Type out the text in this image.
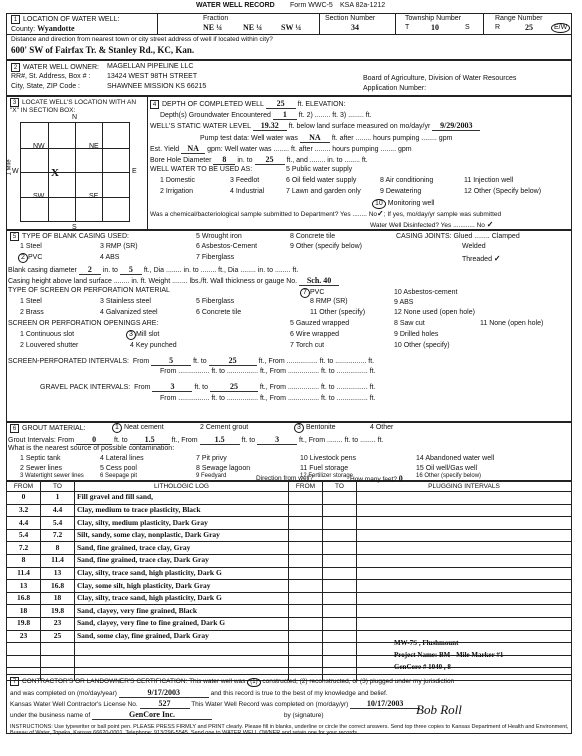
WATER WELL RECORD Form WWC-5 KSA 82a-1212
1 LOCATION OF WATER WELL:	Fraction	Section Number	Township Number	Range Number
County: Wyandotte	NE ¼	NE ¼ SW ¼	34	T	10	S	R	25	E/W
Distance and direction from nearest town or city street address of well if located within city?
600' SW of Fairfax Tr. & Stanley Rd., KC, Kan.
2 WATER WELL OWNER: MAGELLAN PIPELINE LLC
RR#, St. Address, Box # : 13424 WEST 98TH STREET
City, State, ZIP Code :	SHAWNEE MISSION KS 66215
Board of Agriculture, Division of Water Resources
Application Number:
3 LOCATE WELL'S LOCATION WITH AN "X" IN SECTION BOX:
N
S
E
W
1 Mile
NW	NE
SW	SE
X
4 DEPTH OF COMPLETED WELL 25 ft. ELEVATION:
Depth(s) Groundwater Encountered 1 ft. 2) ........ ft. 3) ........ ft.
WELL'S STATIC WATER LEVEL 19.32 ft. below land surface measured on mo/day/yr 9/29/2003
Pump test data: Well water was NA ft. after ........ hours pumping ........ gpm
Est. Yield NA gpm: Well water was ........ ft. after ........ hours pumping ........ gpm
Bore Hole Diameter 8 in. to 25 ft., and ........ in. to ........ ft.
WELL WATER TO BE USED AS:	5 Public water supply
1 Domestic	3 Feedlot	6 Oil field water supply	8 Air conditioning	11 Injection well
2 Irrigation	4 Industrial	7 Lawn and garden only	9 Dewatering	12 Other (Specify below)
10 Monitoring well
Was a chemical/bacteriological sample submitted to Department? Yes ........ No✓; If yes, mo/day/yr sample was submitted
Water Well Disinfected? Yes ............ No ✓
5 TYPE OF BLANK CASING USED:
1 Steel	3 RMP (SR)
5 Wrought iron	8 Concrete tile
6 Asbestos-Cement	9 Other (specify below)
4 ABS	7 Fiberglass
2 PVC
CASING JOINTS: Glued ........ Clamped
Welded
Threaded ✓
Blank casing diameter 2 in. to 5 ft., Dia ........ in. to ........ ft., Dia ........ in. to ........ ft.
Casing height above land surface ........ in. ft. Weight ........ lbs./ft. Wall thickness or gauge No. Sch. 40
TYPE OF SCREEN OR PERFORATION MATERIAL
1 Steel	3 Stainless steel	5 Fiberglass	8 RMP (SR)
10 Asbestos-cement
9 ABS
2 Brass	4 Galvanized steel	6 Concrete tile	11 Other (specify)	12 None used (open hole)
7 PVC
SCREEN OR PERFORATION OPENINGS ARE:
1 Continuous slot	3 Mill slot
5 Gauzed wrapped	8 Saw cut	11 None (open hole)
2 Louvered shutter	4 Key punched
6 Wire wrapped	9 Drilled holes
7 Torch cut	10 Other (specify)
SCREEN-PERFORATED INTERVALS:  From 5	ft. to	25	ft., From ................ ft. to ................ ft.
From ................ ft. to ................ ft., From ................ ft. to ................ ft.
GRAVEL PACK INTERVALS:  From 3	ft. to	25	ft., From ................ ft. to ................ ft.
From ................ ft. to ................ ft., From ................ ft. to ................ ft.
6 GROUT MATERIAL:	1 Neat cement	2 Cement grout	3 Bentonite	4 Other
Grout Intervals: From 0 ft. to 1.5 ft., From 1.5 ft. to 3	ft., From ........ ft. to ........ ft.
What is the nearest source of possible contamination:
1 Septic tank	4 Lateral lines	7 Pit privy	10 Livestock pens	14 Abandoned water well
2 Sewer lines	5 Cess pool	8 Sewage lagoon	11 Fuel storage	15 Oil well/Gas well
3 Watertight sewer lines	6 Seepage pit	9 Feedyard	12 Fertilizer storage	16 Other (specify below)
FROM	TO	LITHOLOGIC LOG	FROM	TO	PLUGGING INTERVALS
0	1	Fill gravel and fill sand,			
3.2	4.4	Clay, medium to trace plasticity, Black			
4.4	5.4	Clay, silty, medium plasticity, Dark Gray			
5.4	7.2	Silt, sandy, some clay, nonplastic, Dark Gray			
7.2	8	Sand, fine grained, trace clay, Gray			
8	11.4	Sand, fine grained, trace clay, Dark Gray			
11.4	13	Clay, silty, trace sand, high plasticity, Dark G			
13	16.8	Clay, some silt, high plasticity, Dark Gray			
16.8	18	Clay, silty, trace sand, high plasticity, Dark G			
18	19.8	Sand, clayey, very fine grained, Black			
19.8	23	Sand, clayey, very fine to fine grained, Dark G			
23	25	Sand, some clay, fine grained, Dark Gray			

Direction from well?	How many feet? 0
MW-7S , Flushmount
Project Name: BM - Mile Marker #1
GenCore # 1040 , 8
7 CONTRACTOR'S OR LANDOWNER'S CERTIFICATION: This water well was (1) constructed, (2) reconstructed, or (3) plugged under my jurisdiction
and was completed on (mo/day/year)	9/17/2003	and this record is true to the best of my knowledge and belief.
Kansas Water Well Contractor's License No.	527	This Water Well Record was completed on (mo/day/yr) 10/17/2003
under the business name of	GenCore Inc.	by (signature)	Bob Roll
INSTRUCTIONS: Use typewriter or ball point pen. PLEASE PRESS FIRMLY and PRINT clearly. Please fill in blanks, underline or circle the correct answers. Send top three copies to Kansas Department of Health and Environment, Bureau of Water, Topeka, Kansas 66620-0001. Telephone: 913/296-5545. Send one to WATER WELL OWNER and retain one for your records.
